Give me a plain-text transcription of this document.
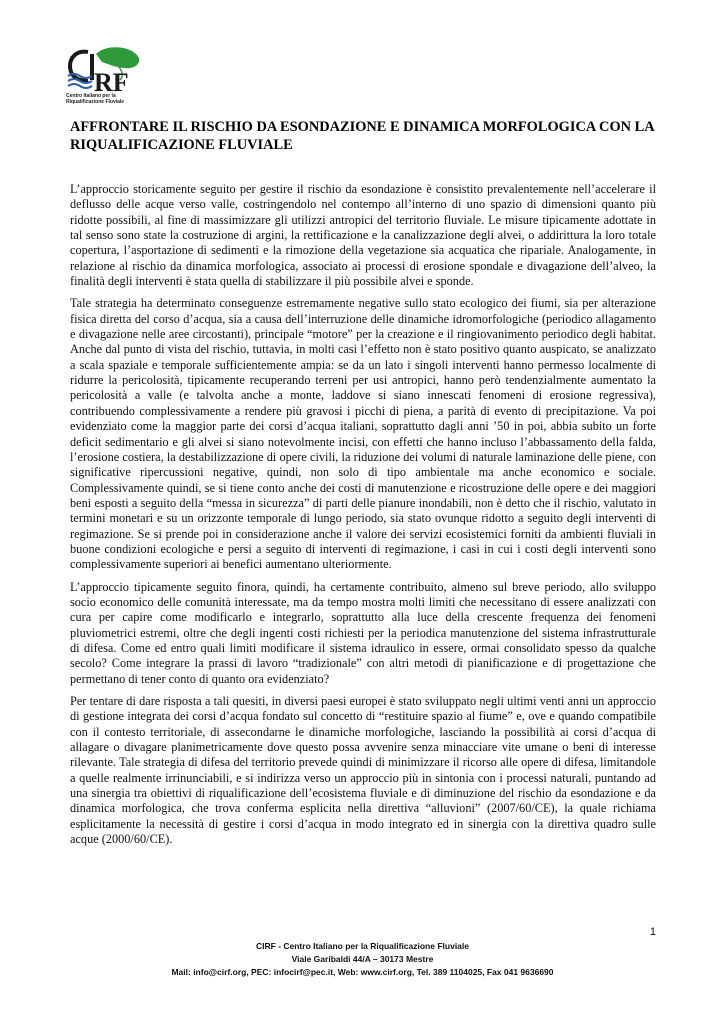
RF
Centro Italiano per la
Riqualificazione Fluviale
AFFRONTARE IL RISCHIO DA ESONDAZIONE E DINAMICA MORFOLOGICA CON LA RIQUALIFICAZIONE FLUVIALE

L’approccio storicamente seguito per gestire il rischio da esondazione è consistito prevalentemente nell’accelerare il deflusso delle acque verso valle, costringendolo nel contempo all’interno di uno spazio di dimensioni quanto più ridotte possibili, al fine di massimizzare gli utilizzi antropici del territorio fluviale. Le misure tipicamente adottate in tal senso sono state la costruzione di argini, la rettificazione e la canalizzazione degli alvei, o addirittura la loro totale copertura, l’asportazione di sedimenti e la rimozione della vegetazione sia acquatica che ripariale. Analogamente, in relazione al rischio da dinamica morfologica, associato ai processi di erosione spondale e divagazione dell’alveo, la finalità degli interventi è stata quella di stabilizzare il più possibile alvei e sponde.

Tale strategia ha determinato conseguenze estremamente negative sullo stato ecologico dei fiumi, sia per alterazione fisica diretta del corso d’acqua, sia a causa dell’interruzione delle dinamiche idromorfologiche (periodico allagamento e divagazione nelle aree circostanti), principale “motore” per la creazione e il ringiovanimento periodico degli habitat. Anche dal punto di vista del rischio, tuttavia, in molti casi l’effetto non è stato positivo quanto auspicato, se analizzato a scala spaziale e temporale sufficientemente ampia: se da un lato i singoli interventi hanno permesso localmente di ridurre la pericolosità, tipicamente recuperando terreni per usi antropici, hanno però tendenzialmente aumentato la pericolosità a valle (e talvolta anche a monte, laddove si siano innescati fenomeni di erosione regressiva), contribuendo complessivamente a rendere più gravosi i picchi di piena, a parità di evento di precipitazione. Va poi evidenziato come la maggior parte dei corsi d’acqua italiani, soprattutto dagli anni ’50 in poi, abbia subito un forte deficit sedimentario e gli alvei si siano notevolmente incisi, con effetti che hanno incluso l’abbassamento della falda, l’erosione costiera, la destabilizzazione di opere civili, la riduzione dei volumi di naturale laminazione delle piene, con significative ripercussioni negative, quindi, non solo di tipo ambientale ma anche economico e sociale. Complessivamente quindi, se si tiene conto anche dei costi di manutenzione e ricostruzione delle opere e dei maggiori beni esposti a seguito della “messa in sicurezza” di parti delle pianure inondabili, non è detto che il rischio, valutato in termini monetari e su un orizzonte temporale di lungo periodo, sia stato ovunque ridotto a seguito degli interventi di regimazione. Se si prende poi in considerazione anche il valore dei servizi ecosistemici forniti da ambienti fluviali in buone condizioni ecologiche e persi a seguito di interventi di regimazione, i casi in cui i costi degli interventi sono complessivamente superiori ai benefici aumentano ulteriormente.

L’approccio tipicamente seguito finora, quindi, ha certamente contribuito, almeno sul breve periodo, allo sviluppo socio economico delle comunità interessate, ma da tempo mostra molti limiti che necessitano di essere analizzati con cura per capire come modificarlo e integrarlo, soprattutto alla luce della crescente frequenza dei fenomeni pluviometrici estremi, oltre che degli ingenti costi richiesti per la periodica manutenzione del sistema infrastrutturale di difesa. Come ed entro quali limiti modificare il sistema idraulico in essere, ormai consolidato spesso da qualche secolo? Come integrare la prassi di lavoro “tradizionale” con altri metodi di pianificazione e di progettazione che permettano di tener conto di quanto ora evidenziato?

Per tentare di dare risposta a tali quesiti, in diversi paesi europei è stato sviluppato negli ultimi venti anni un approccio di gestione integrata dei corsi d’acqua fondato sul concetto di “restituire spazio al fiume” e, ove e quando compatibile con il contesto territoriale, di assecondarne le dinamiche morfologiche, lasciando la possibilità ai corsi d’acqua di allagare o divagare planimetricamente dove questo possa avvenire senza minacciare vite umane o beni di interesse rilevante. Tale strategia di difesa del territorio prevede quindi di minimizzare il ricorso alle opere di difesa, limitandole a quelle realmente irrinunciabili, e si indirizza verso un approccio più in sintonia con i processi naturali, puntando ad una sinergia tra obiettivi di riqualificazione dell’ecosistema fluviale e di diminuzione del rischio da esondazione e da dinamica morfologica, che trova conferma esplicita nella direttiva “alluvioni” (2007/60/CE), la quale richiama esplicitamente la necessità di gestire i corsi d’acqua in modo integrato ed in sinergia con la direttiva quadro sulle acque (2000/60/CE).

1
CIRF - Centro Italiano per la Riqualificazione Fluviale
Viale Garibaldi 44/A – 30173 Mestre
Mail: info@cirf.org, PEC: infocirf@pec.it, Web: www.cirf.org, Tel. 389 1104025, Fax 041 9636690
